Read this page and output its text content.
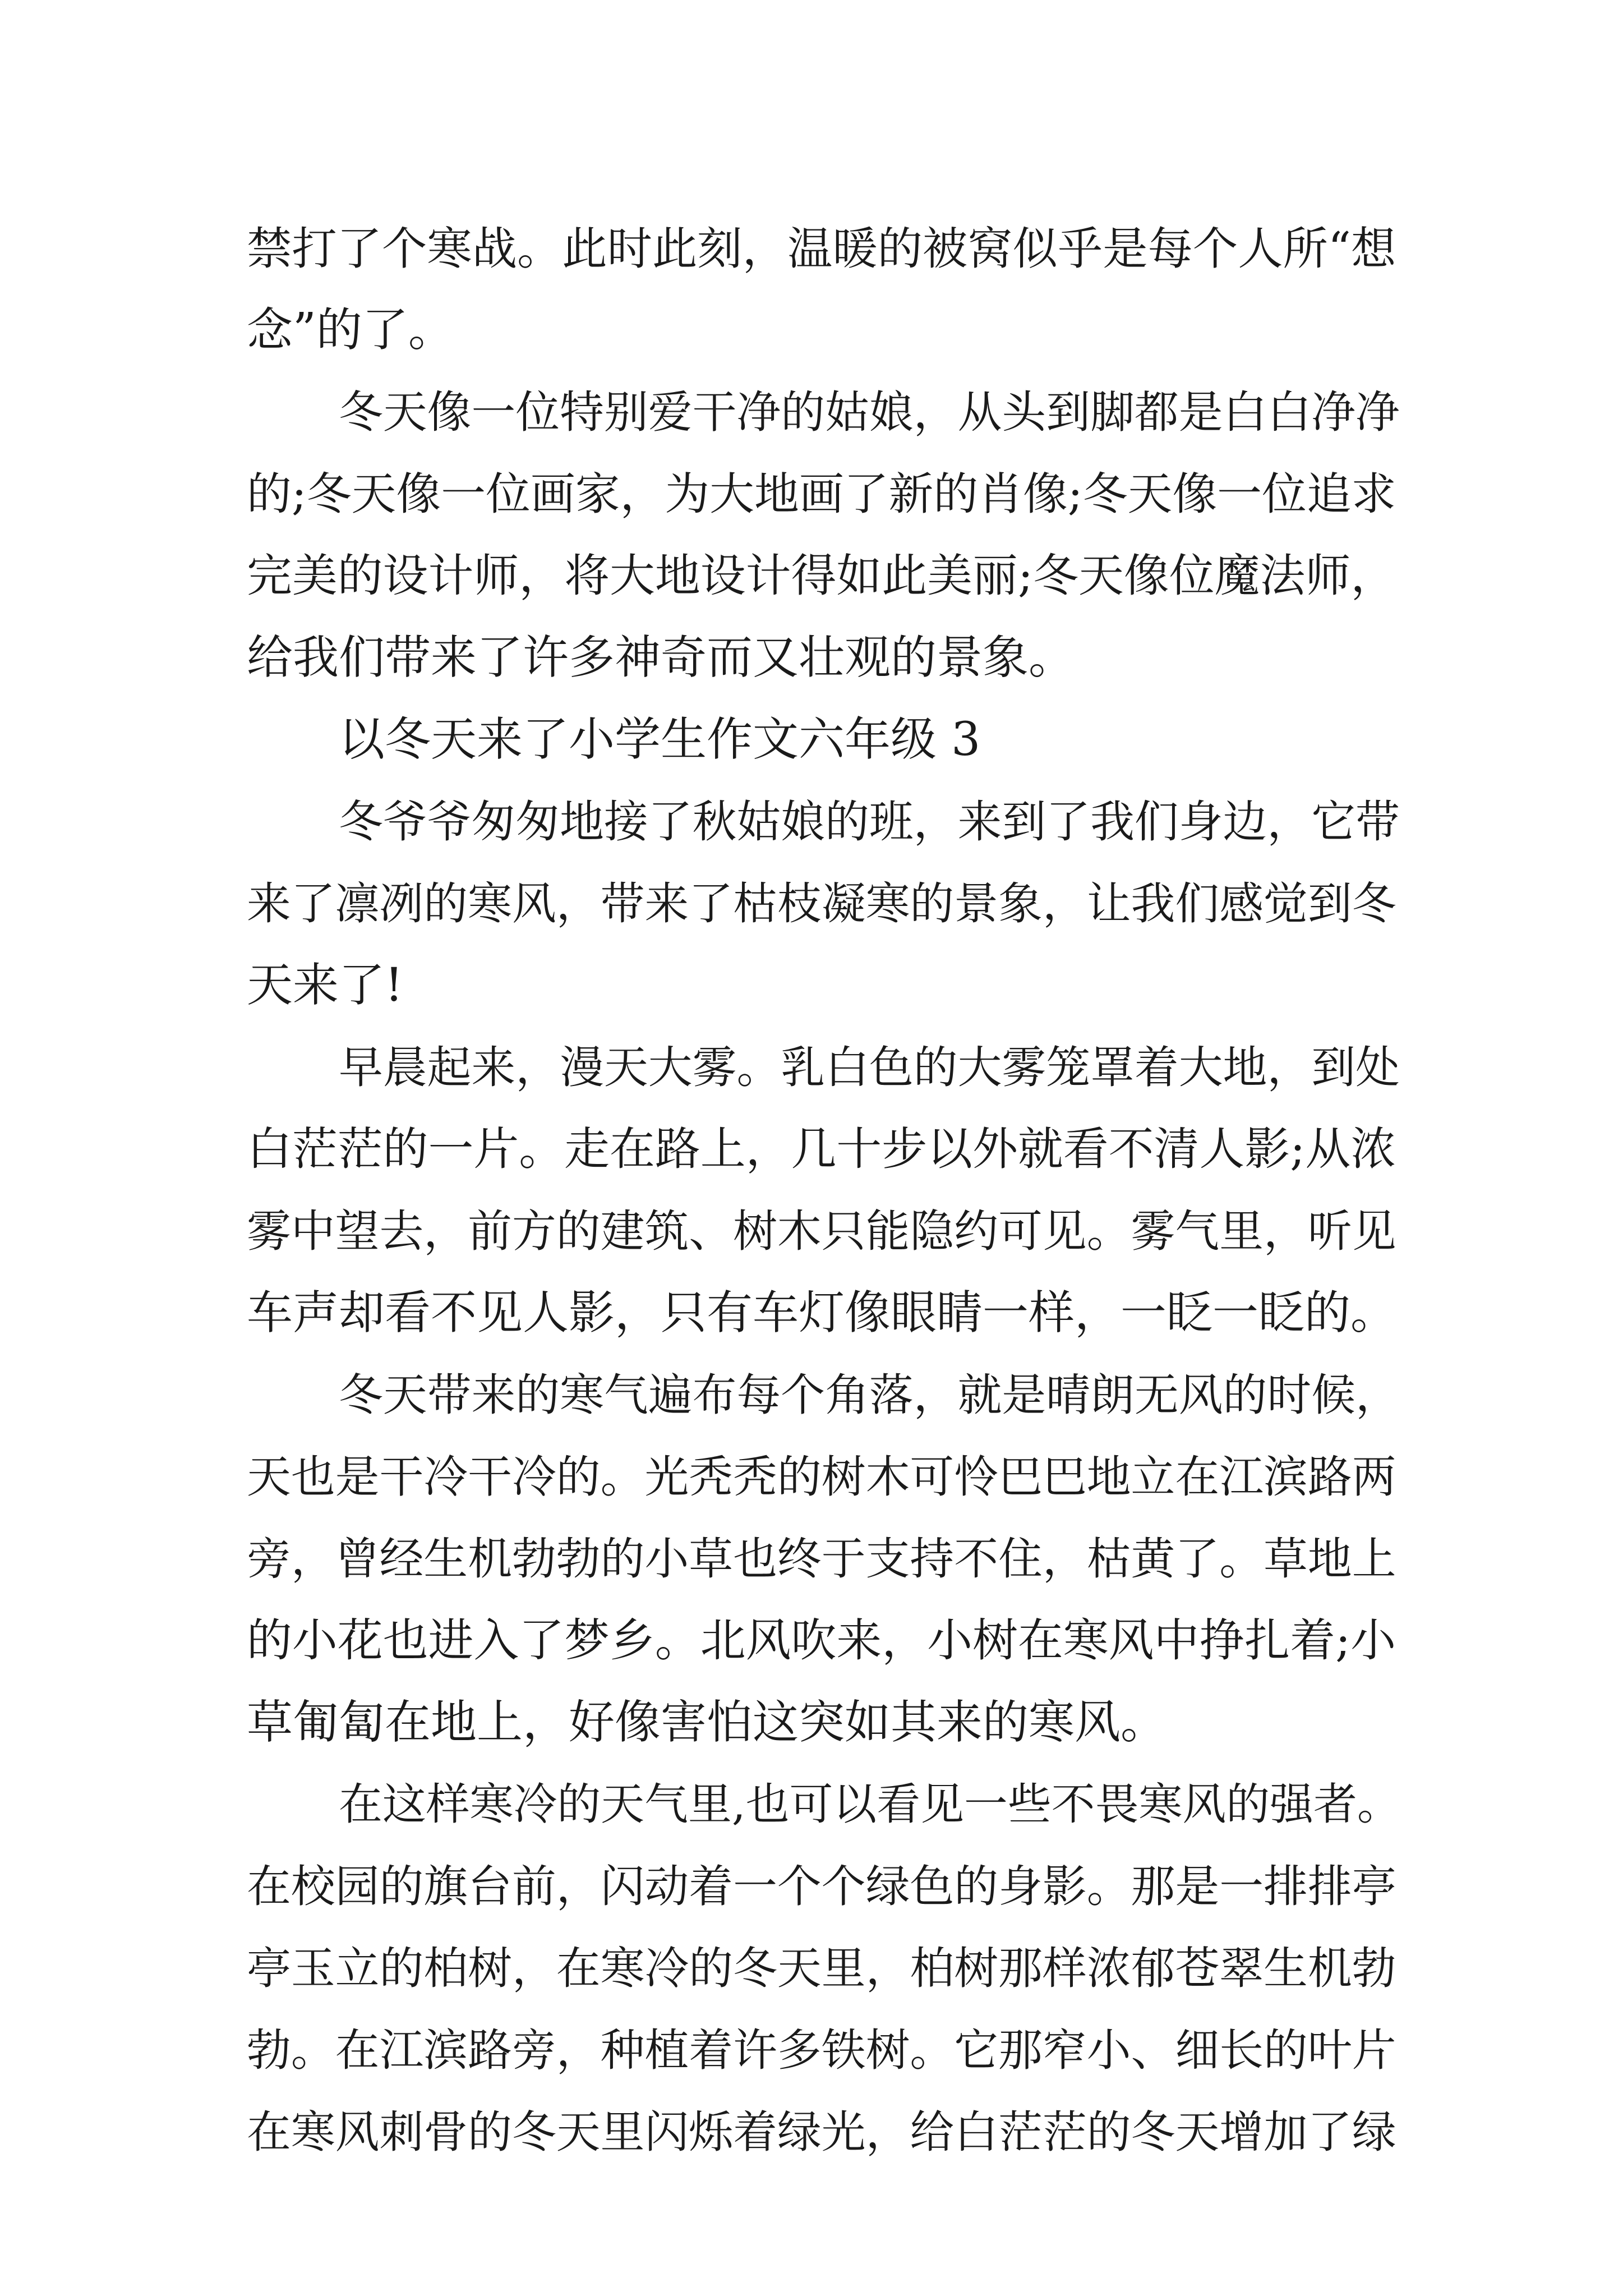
禁打了个寒战。此时此刻，温暖的被窝似乎是每个人所“想
念”的了。
冬天像一位特别爱干净的姑娘，从头到脚都是白白净净
的;冬天像一位画家，为大地画了新的肖像;冬天像一位追求
完美的设计师，将大地设计得如此美丽;冬天像位魔法师，
给我们带来了许多神奇而又壮观的景象。
以冬天来了小学生作文六年级 3
冬爷爷匆匆地接了秋姑娘的班，来到了我们身边，它带
来了凛冽的寒风，带来了枯枝凝寒的景象，让我们感觉到冬
天来了!
早晨起来，漫天大雾。乳白色的大雾笼罩着大地，到处
白茫茫的一片。走在路上，几十步以外就看不清人影;从浓
雾中望去，前方的建筑、树木只能隐约可见。雾气里，听见
车声却看不见人影，只有车灯像眼睛一样，一眨一眨的。
冬天带来的寒气遍布每个角落，就是晴朗无风的时候，
天也是干冷干冷的。光秃秃的树木可怜巴巴地立在江滨路两
旁，曾经生机勃勃的小草也终于支持不住，枯黄了。草地上
的小花也进入了梦乡。北风吹来，小树在寒风中挣扎着;小
草匍匐在地上，好像害怕这突如其来的寒风。
在这样寒冷的天气里,也可以看见一些不畏寒风的强者。
在校园的旗台前，闪动着一个个绿色的身影。那是一排排亭
亭玉立的柏树，在寒冷的冬天里，柏树那样浓郁苍翠生机勃
勃。在江滨路旁，种植着许多铁树。它那窄小、细长的叶片
在寒风刺骨的冬天里闪烁着绿光，给白茫茫的冬天增加了绿
